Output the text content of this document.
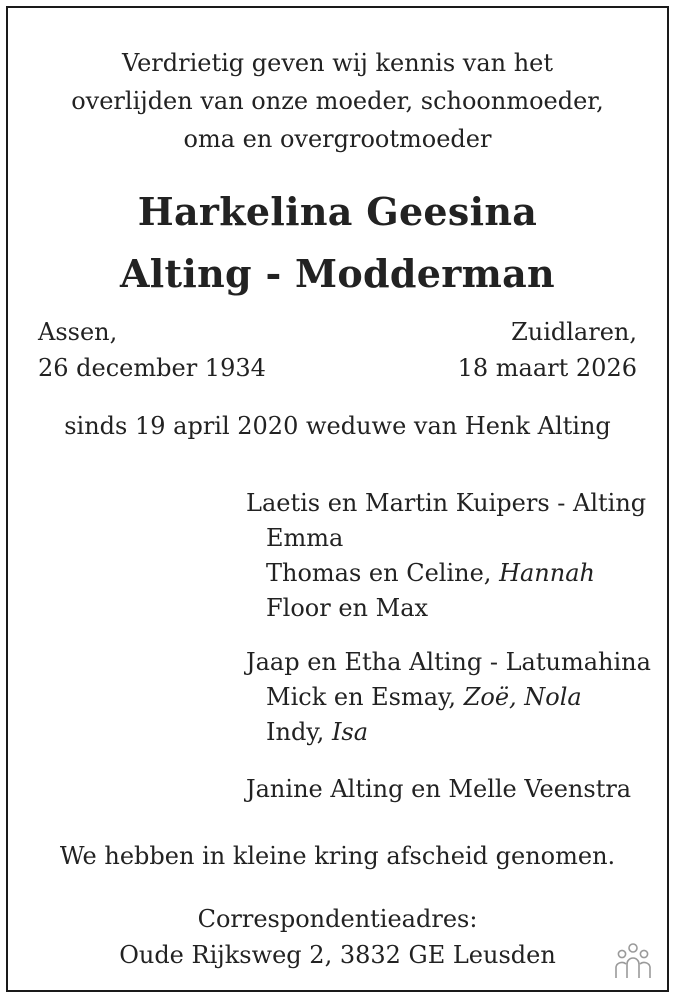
Verdrietig geven wij kennis van het
overlijden van onze moeder, schoonmoeder,
oma en overgrootmoeder
Harkelina Geesina
Alting - Modderman
Assen,
26 december 1934
Zuidlaren,
18 maart 2026
sinds 19 april 2020 weduwe van Henk Alting
Laetis en Martin Kuipers - Alting
Emma
Thomas en Celine, Hannah
Floor en Max
Jaap en Etha Alting - Latumahina
Mick en Esmay, Zoë, Nola
Indy, Isa
Janine Alting en Melle Veenstra
We hebben in kleine kring afscheid genomen.
Correspondentieadres:
Oude Rijksweg 2, 3832 GE Leusden
